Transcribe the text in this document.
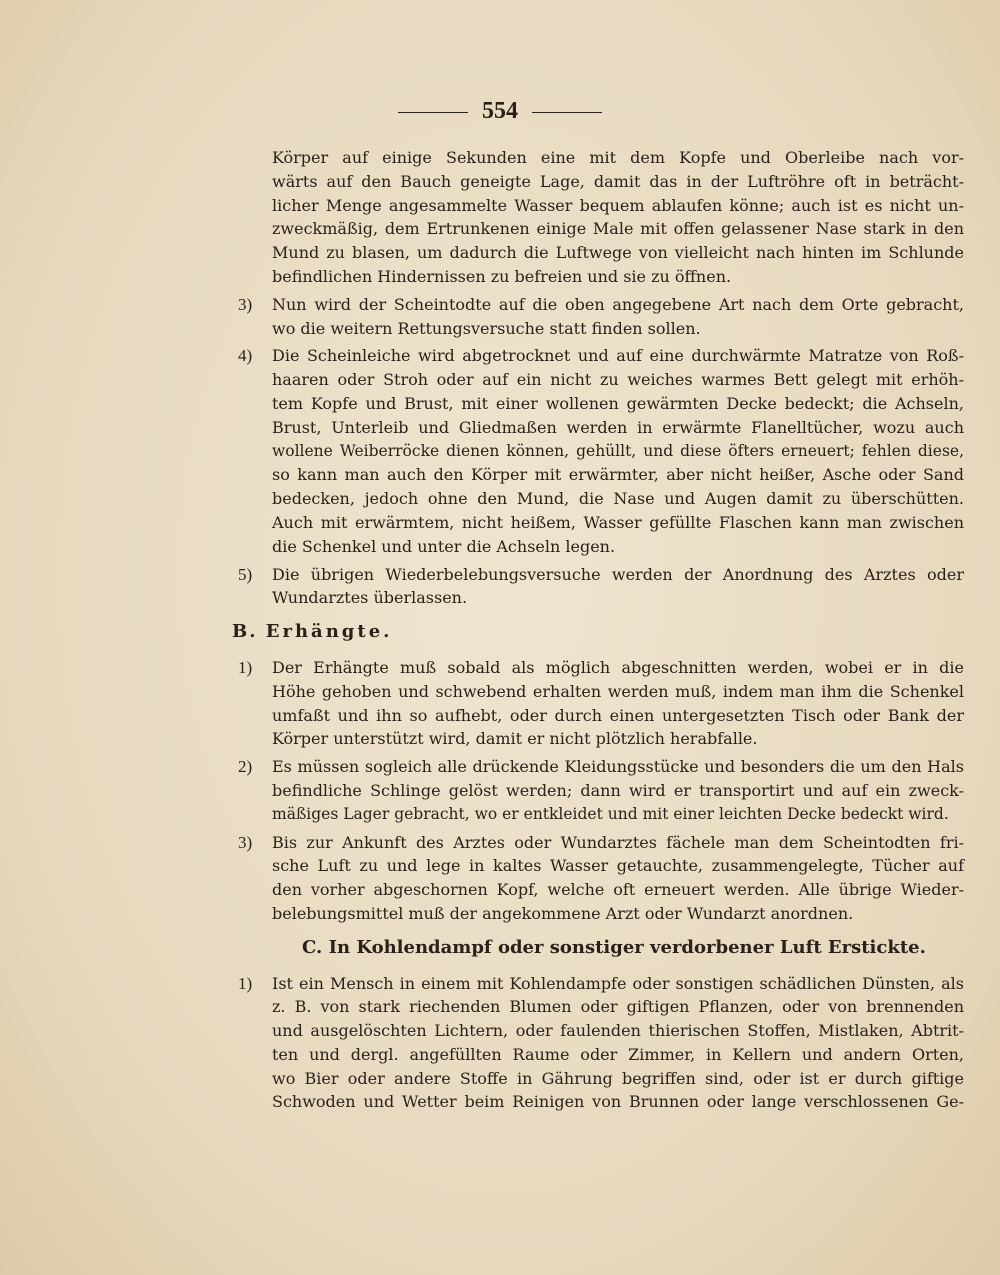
554
Körper auf einige Sekunden eine mit dem Kopfe und Oberleibe nach vor-
wärts auf den Bauch geneigte Lage, damit das in der Luftröhre oft in beträcht-
licher Menge angesammelte Wasser bequem ablaufen könne; auch ist es nicht un-
zweckmäßig, dem Ertrunkenen einige Male mit offen gelassener Nase stark in den
Mund zu blasen, um dadurch die Luftwege von vielleicht nach hinten im Schlunde
befindlichen Hindernissen zu befreien und sie zu öffnen.
3) Nun wird der Scheintodte auf die oben angegebene Art nach dem Orte gebracht,
wo die weitern Rettungsversuche statt finden sollen.
4) Die Scheinleiche wird abgetrocknet und auf eine durchwärmte Matratze von Roß-
haaren oder Stroh oder auf ein nicht zu weiches warmes Bett gelegt mit erhöh-
tem Kopfe und Brust, mit einer wollenen gewärmten Decke bedeckt; die Achseln,
Brust, Unterleib und Gliedmaßen werden in erwärmte Flanelltücher, wozu auch
wollene Weiberröcke dienen können, gehüllt, und diese öfters erneuert; fehlen diese,
so kann man auch den Körper mit erwärmter, aber nicht heißer, Asche oder Sand
bedecken, jedoch ohne den Mund, die Nase und Augen damit zu überschütten.
Auch mit erwärmtem, nicht heißem, Wasser gefüllte Flaschen kann man zwischen
die Schenkel und unter die Achseln legen.
5) Die übrigen Wiederbelebungsversuche werden der Anordnung des Arztes oder
Wundarztes überlassen.
B. Erhängte.
1) Der Erhängte muß sobald als möglich abgeschnitten werden, wobei er in die
Höhe gehoben und schwebend erhalten werden muß, indem man ihm die Schenkel
umfaßt und ihn so aufhebt, oder durch einen untergesetzten Tisch oder Bank der
Körper unterstützt wird, damit er nicht plötzlich herabfalle.
2) Es müssen sogleich alle drückende Kleidungsstücke und besonders die um den Hals
befindliche Schlinge gelöst werden; dann wird er transportirt und auf ein zweck-
mäßiges Lager gebracht, wo er entkleidet und mit einer leichten Decke bedeckt wird.
3) Bis zur Ankunft des Arztes oder Wundarztes fächele man dem Scheintodten fri-
sche Luft zu und lege in kaltes Wasser getauchte, zusammengelegte, Tücher auf
den vorher abgeschornen Kopf, welche oft erneuert werden. Alle übrige Wieder-
belebungsmittel muß der angekommene Arzt oder Wundarzt anordnen.
C. In Kohlendampf oder sonstiger verdorbener Luft Erstickte.
1) Ist ein Mensch in einem mit Kohlendampfe oder sonstigen schädlichen Dünsten, als
z. B. von stark riechenden Blumen oder giftigen Pflanzen, oder von brennenden
und ausgelöschten Lichtern, oder faulenden thierischen Stoffen, Mistlaken, Abtrit-
ten und dergl. angefüllten Raume oder Zimmer, in Kellern und andern Orten,
wo Bier oder andere Stoffe in Gährung begriffen sind, oder ist er durch giftige
Schwoden und Wetter beim Reinigen von Brunnen oder lange verschlossenen Ge-
